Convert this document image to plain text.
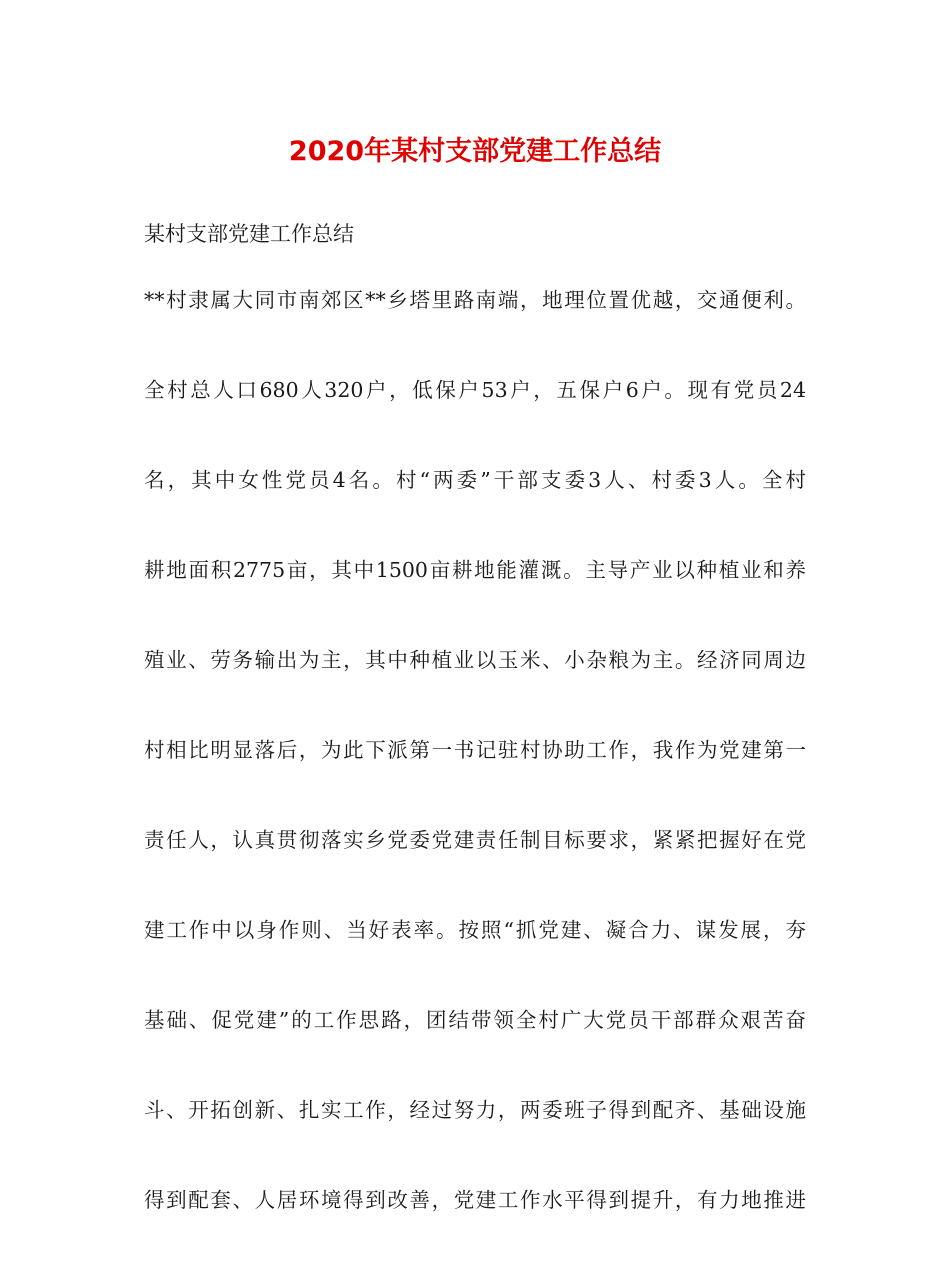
2020年某村支部党建工作总结

某村支部党建工作总结

**村隶属大同市南郊区**乡塔里路南端，地理位置优越，交通便利。
全村总人口680人320户，低保户53户，五保户6户。现有党员24
名，其中女性党员4名。村“两委”干部支委3人、村委3人。全村
耕地面积2775亩，其中1500亩耕地能灌溉。主导产业以种植业和养
殖业、劳务输出为主，其中种植业以玉米、小杂粮为主。经济同周边
村相比明显落后，为此下派第一书记驻村协助工作，我作为党建第一
责任人，认真贯彻落实乡党委党建责任制目标要求，紧紧把握好在党
建工作中以身作则、当好表率。按照“抓党建、凝合力、谋发展，夯
基础、促党建”的工作思路，团结带领全村广大党员干部群众艰苦奋
斗、开拓创新、扎实工作，经过努力，两委班子得到配齐、基础设施
得到配套、人居环境得到改善，党建工作水平得到提升，有力地推进
